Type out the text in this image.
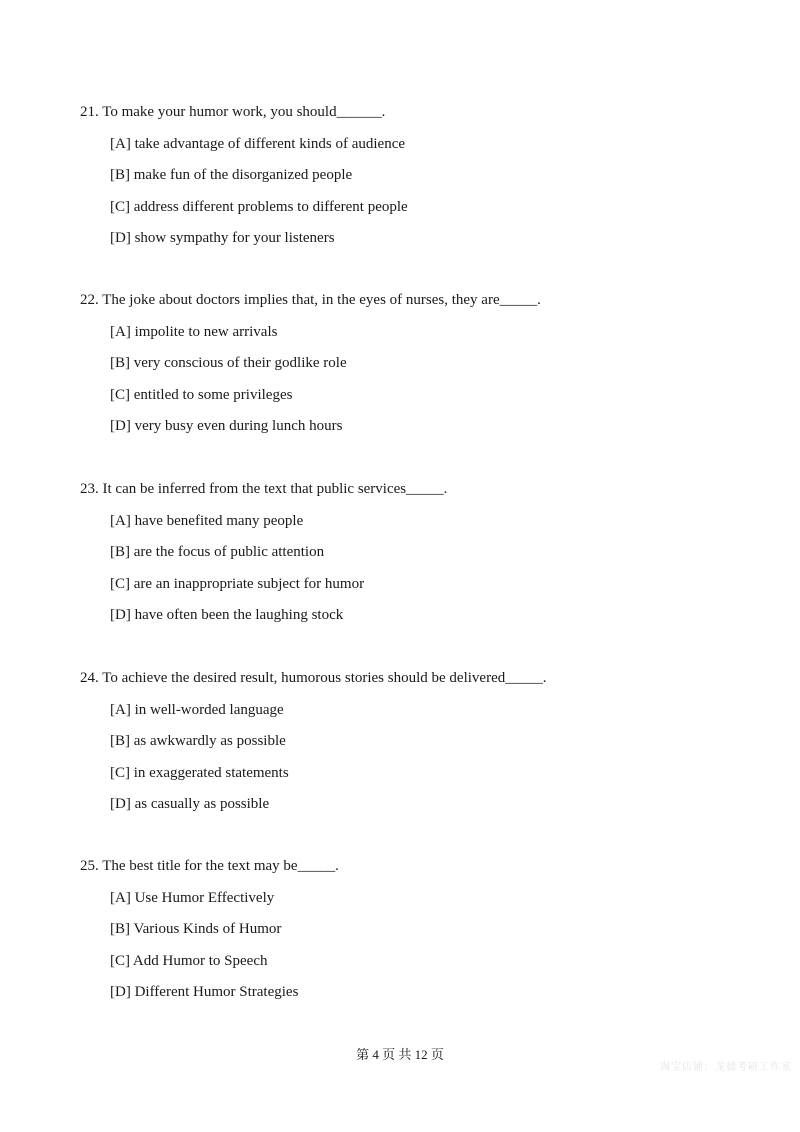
21. To make your humor work, you should______.
[A] take advantage of different kinds of audience
[B] make fun of the disorganized people
[C] address different problems to different people
[D] show sympathy for your listeners
22. The joke about doctors implies that, in the eyes of nurses, they are_____.
[A] impolite to new arrivals
[B] very conscious of their godlike role
[C] entitled to some privileges
[D] very busy even during lunch hours
23. It can be inferred from the text that public services_____.
[A] have benefited many people
[B] are the focus of public attention
[C] are an inappropriate subject for humor
[D] have often been the laughing stock
24. To achieve the desired result, humorous stories should be delivered_____.
[A] in well-worded language
[B] as awkwardly as possible
[C] in exaggerated statements
[D] as casually as possible
25. The best title for the text may be_____.
[A] Use Humor Effectively
[B] Various Kinds of Humor
[C] Add Humor to Speech
[D] Different Humor Strategies
第 4 页 共 12 页
淘宝店铺：龙德考研工作室
